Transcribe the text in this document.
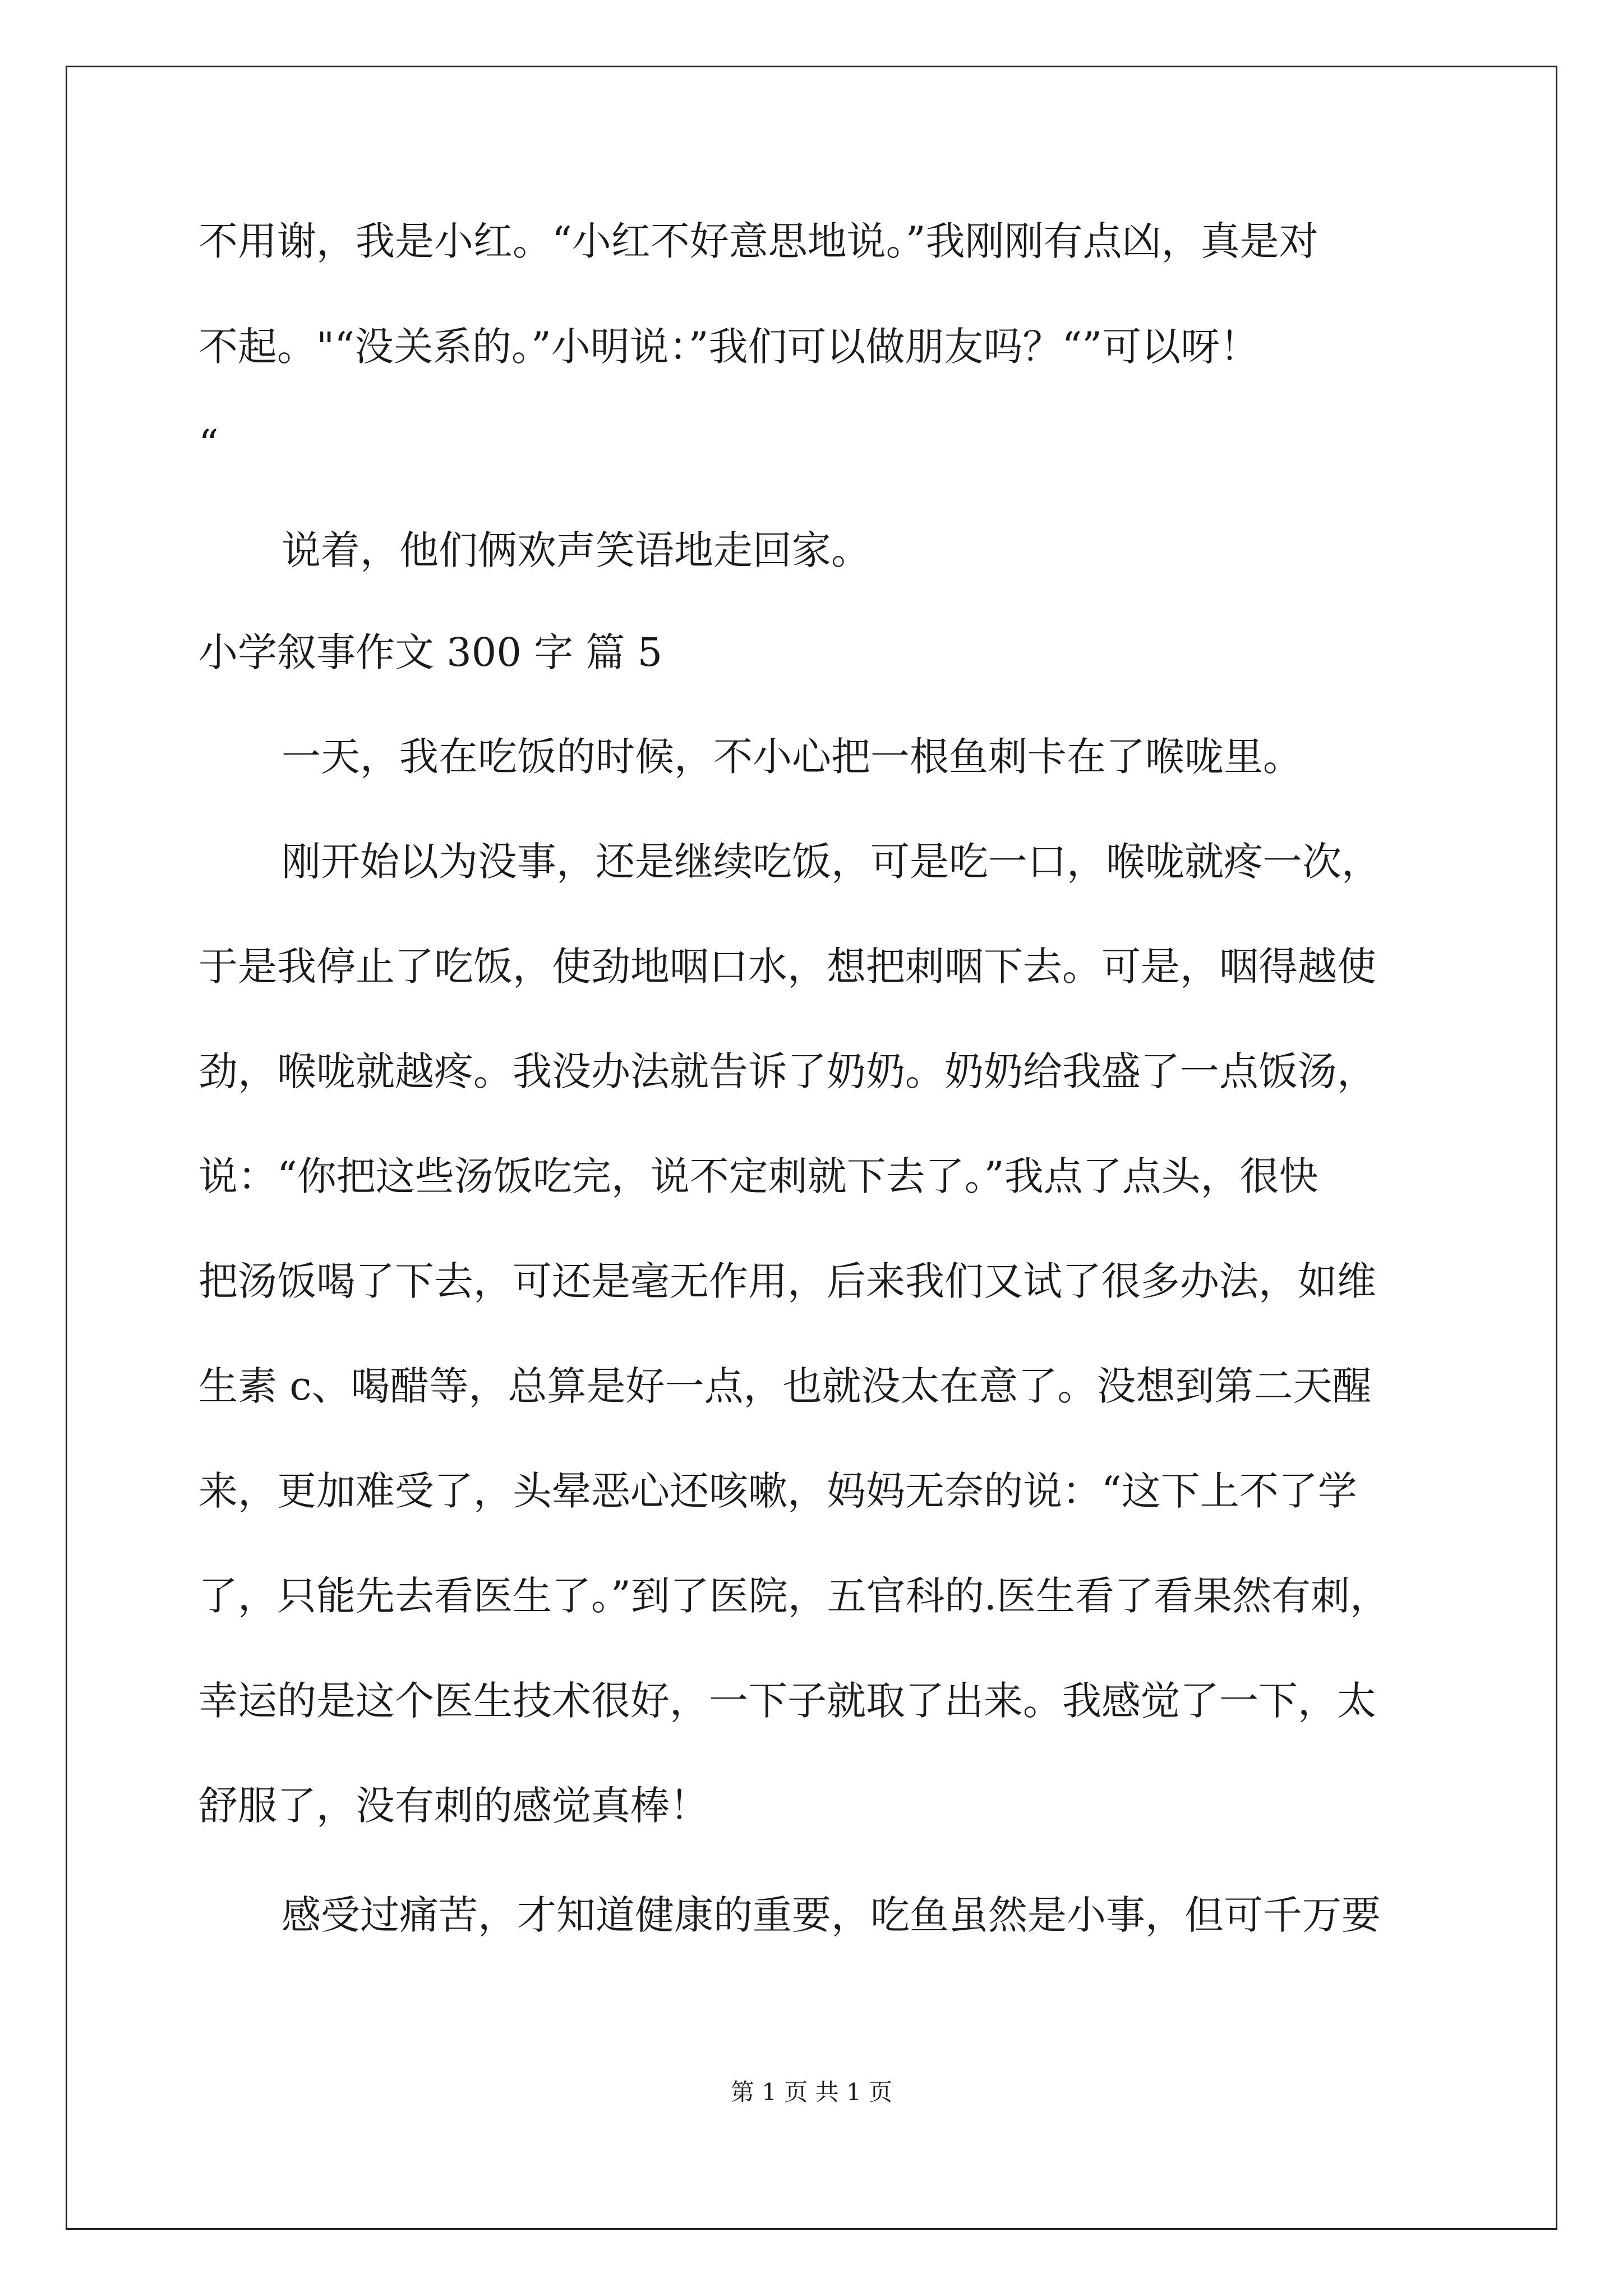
不用谢，我是小红。“小红不好意思地说。”我刚刚有点凶，真是对
不起。"“没关系的。”小明说：”我们可以做朋友吗？“”可以呀！
“
说着，他们俩欢声笑语地走回家。
小学叙事作文 300 字 篇 5
一天，我在吃饭的时候，不小心把一根鱼刺卡在了喉咙里。
刚开始以为没事，还是继续吃饭，可是吃一口，喉咙就疼一次，
于是我停止了吃饭，使劲地咽口水，想把刺咽下去。可是，咽得越使
劲，喉咙就越疼。我没办法就告诉了奶奶。奶奶给我盛了一点饭汤，
说：“你把这些汤饭吃完，说不定刺就下去了。”我点了点头，很快
把汤饭喝了下去，可还是毫无作用，后来我们又试了很多办法，如维
生素 c、喝醋等，总算是好一点，也就没太在意了。没想到第二天醒
来，更加难受了，头晕恶心还咳嗽，妈妈无奈的说：“这下上不了学
了，只能先去看医生了。”到了医院，五官科的.医生看了看果然有刺，
幸运的是这个医生技术很好，一下子就取了出来。我感觉了一下，太
舒服了，没有刺的感觉真棒！
感受过痛苦，才知道健康的重要，吃鱼虽然是小事，但可千万要
第 1 页 共 1 页
